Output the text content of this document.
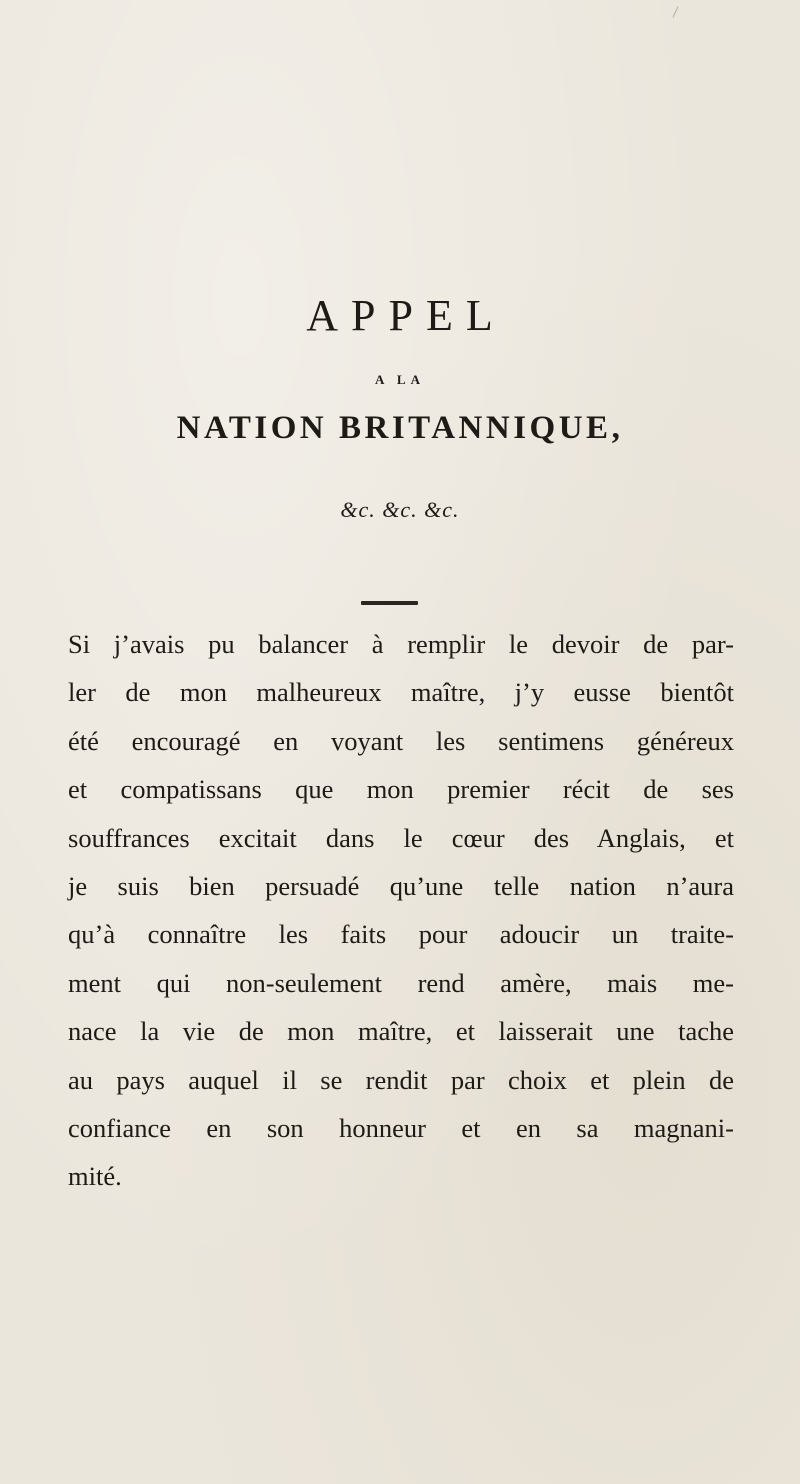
APPEL
A LA
NATION BRITANNIQUE,
&c. &c. &c.
Si j’avais pu balancer à remplir le devoir de par-
ler de mon malheureux maître, j’y eusse bientôt
été encouragé en voyant les sentimens généreux
et compatissans que mon premier récit de ses
souffrances excitait dans le cœur des Anglais, et
je suis bien persuadé qu’une telle nation n’aura
qu’à connaître les faits pour adoucir un traite-
ment qui non-seulement rend amère, mais me-
nace la vie de mon maître, et laisserait une tache
au pays auquel il se rendit par choix et plein de
confiance en son honneur et en sa magnani-
mité.
